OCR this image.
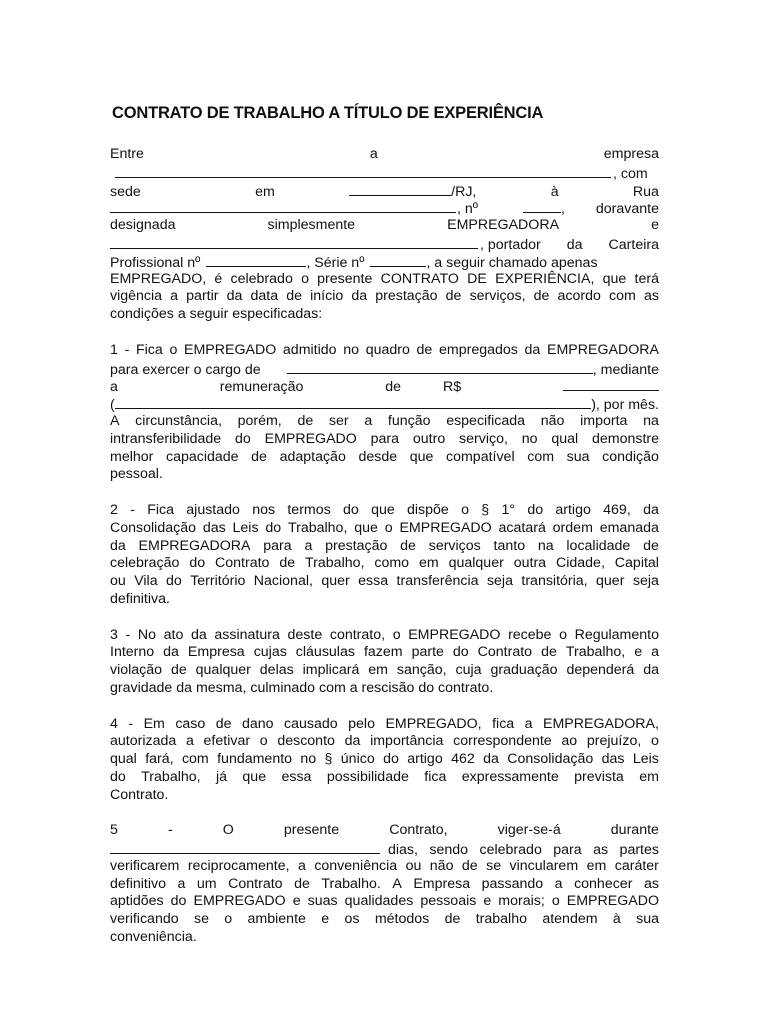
CONTRATO DE TRABALHO A TÍTULO DE EXPERIÊNCIA
Entre	a	empresa
, com
sede	em	/RJ,	à	Rua
, nº	, doravante
designada	simplesmente	EMPREGADORA	e
, portador da Carteira
Profissional nº	, Série nº	, a seguir chamado apenas
EMPREGADO, é celebrado o presente CONTRATO DE EXPERIÊNCIA, que terá
vigência a partir da data de início da prestação de serviços, de acordo com as
condições a seguir especificadas:
1 - Fica o EMPREGADO admitido no quadro de empregados da EMPREGADORA
para exercer o cargo de	, mediante
a	remuneração	de	R$
(	), por mês.
A circunstância, porém, de ser a função especificada não importa na
intransferibilidade do EMPREGADO para outro serviço, no qual demonstre
melhor capacidade de adaptação desde que compatível com sua condição
pessoal.
2 - Fica ajustado nos termos do que dispõe o § 1° do artigo 469, da
Consolidação das Leis do Trabalho, que o EMPREGADO acatará ordem emanada
da EMPREGADORA para a prestação de serviços tanto na localidade de
celebração do Contrato de Trabalho, como em qualquer outra Cidade, Capital
ou Vila do Território Nacional, quer essa transferência seja transitória, quer seja
definitiva.
3 - No ato da assinatura deste contrato, o EMPREGADO recebe o Regulamento
Interno da Empresa cujas cláusulas fazem parte do Contrato de Trabalho, e a
violação de qualquer delas implicará em sanção, cuja graduação dependerá da
gravidade da mesma, culminado com a rescisão do contrato.
4 - Em caso de dano causado pelo EMPREGADO, fica a EMPREGADORA,
autorizada a efetivar o desconto da importância correspondente ao prejuízo, o
qual fará, com fundamento no § único do artigo 462 da Consolidação das Leis
do Trabalho, já que essa possibilidade fica expressamente prevista em
Contrato.
5	-	O	presente	Contrato,	viger-se-á	durante
dias, sendo celebrado para as partes
verificarem reciprocamente, a conveniência ou não de se vincularem em caráter
definitivo a um Contrato de Trabalho. A Empresa passando a conhecer as
aptidões do EMPREGADO e suas qualidades pessoais e morais; o EMPREGADO
verificando se o ambiente e os métodos de trabalho atendem à sua
conveniência.
